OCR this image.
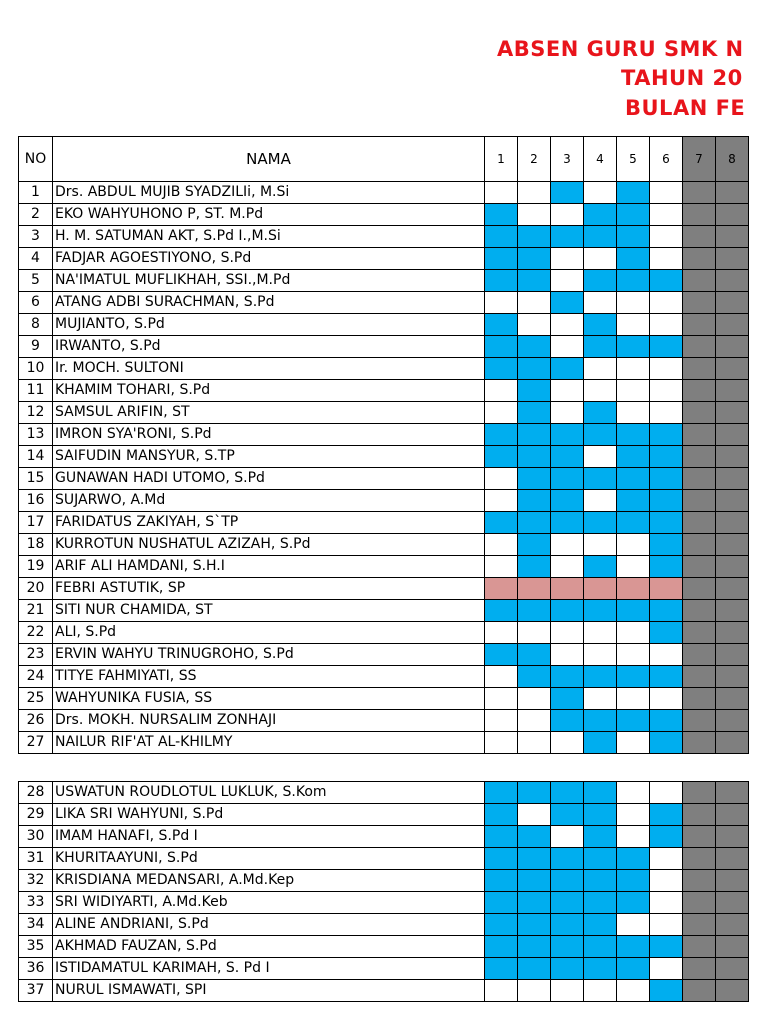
ABSEN GURU SMK N
TAHUN 20
BULAN FE
NO	NAMA	1	2	3	4	5	6	7	8
1	Drs. ABDUL MUJIB SYADZILIi, M.Si								
2	EKO WAHYUHONO P, ST. M.Pd								
3	H. M. SATUMAN AKT, S.Pd I.,M.Si								
4	FADJAR AGOESTIYONO, S.Pd								
5	NA'IMATUL MUFLIKHAH, SSI.,M.Pd								
6	ATANG ADBI SURACHMAN, S.Pd								
8	MUJIANTO, S.Pd								
9	IRWANTO, S.Pd								
10	Ir. MOCH. SULTONI								
11	KHAMIM TOHARI, S.Pd								
12	SAMSUL ARIFIN, ST								
13	IMRON SYA'RONI, S.Pd								
14	SAIFUDIN MANSYUR, S.TP								
15	GUNAWAN HADI UTOMO, S.Pd								
16	SUJARWO, A.Md								
17	FARIDATUS ZAKIYAH, S`TP								
18	KURROTUN NUSHATUL AZIZAH, S.Pd								
19	ARIF ALI HAMDANI, S.H.I								
20	FEBRI ASTUTIK, SP								
21	SITI NUR CHAMIDA, ST								
22	ALI, S.Pd								
23	ERVIN WAHYU TRINUGROHO, S.Pd								
24	TITYE FAHMIYATI, SS								
25	WAHYUNIKA FUSIA, SS								
26	Drs. MOKH. NURSALIM ZONHAJI								
27	NAILUR RIF'AT AL-KHILMY								
28	USWATUN ROUDLOTUL LUKLUK, S.Kom								
29	LIKA SRI WAHYUNI, S.Pd								
30	IMAM HANAFI, S.Pd I								
31	KHURITAAYUNI, S.Pd								
32	KRISDIANA MEDANSARI, A.Md.Kep								
33	SRI WIDIYARTI, A.Md.Keb								
34	ALINE ANDRIANI, S.Pd								
35	AKHMAD FAUZAN, S.Pd								
36	ISTIDAMATUL KARIMAH, S. Pd I								
37	NURUL ISMAWATI, SPI								
